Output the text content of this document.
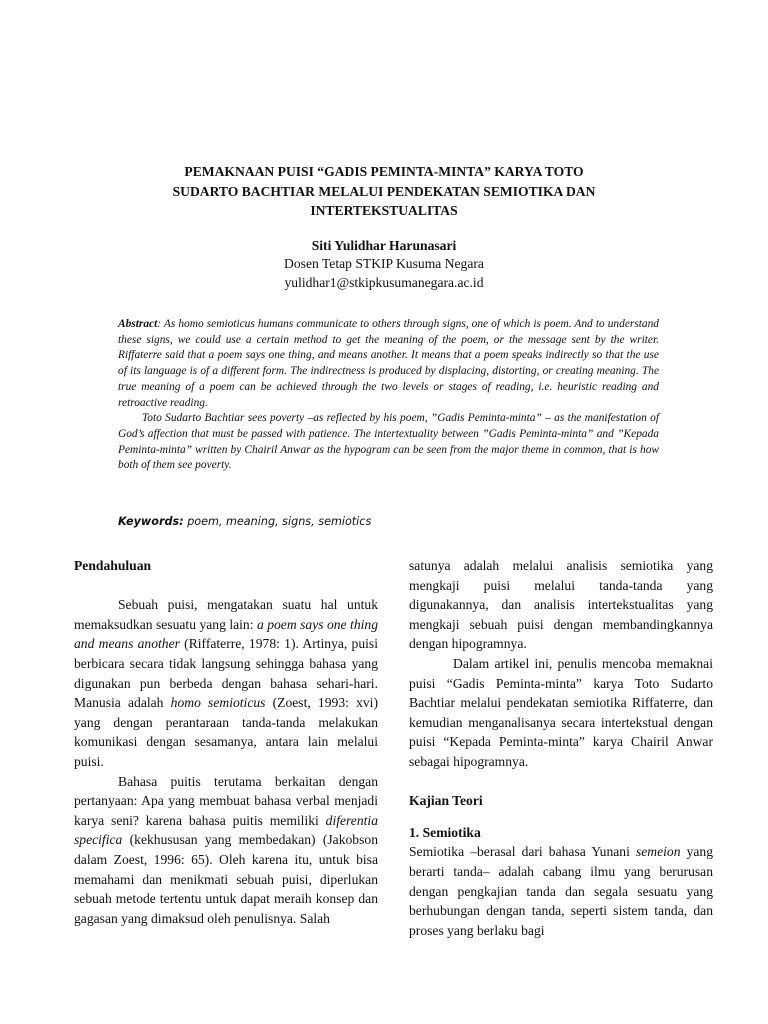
PEMAKNAAN PUISI “GADIS PEMINTA-MINTA” KARYA TOTO
SUDARTO BACHTIAR MELALUI PENDEKATAN SEMIOTIKA DAN
INTERTEKSTUALITAS
Siti Yulidhar Harunasari
Dosen Tetap STKIP Kusuma Negara
yulidhar1@stkipkusumanegara.ac.id

Abstract: As homo semioticus humans communicate to others through signs, one of which is poem. And to understand these signs, we could use a certain method to get the meaning of the poem, or the message sent by the writer. Riffaterre said that a poem says one thing, and means another. It means that a poem speaks indirectly so that the use of its language is of a different form. The indirectness is produced by displacing, distorting, or creating meaning. The true meaning of a poem can be achieved through the two levels or stages of reading, i.e. heuristic reading and retroactive reading.

Toto Sudarto Bachtiar sees poverty –as reflected by his poem, ”Gadis Peminta-minta” – as the manifestation of God’s affection that must be passed with patience. The intertextuality between ”Gadis Peminta-minta” and ”Kepada Peminta-minta” written by Chairil Anwar as the hypogram can be seen from the major theme in common, that is how both of them see poverty.

Keywords: poem, meaning, signs, semiotics

Pendahuluan

Sebuah puisi, mengatakan suatu hal untuk memaksudkan sesuatu yang lain: a poem says one thing and means another (Riffaterre, 1978: 1). Artinya, puisi berbicara secara tidak langsung sehingga bahasa yang digunakan pun berbeda dengan bahasa sehari-hari. Manusia adalah homo semioticus (Zoest, 1993: xvi) yang dengan perantaraan tanda-tanda melakukan komunikasi dengan sesamanya, antara lain melalui puisi.

Bahasa puitis terutama berkaitan dengan pertanyaan: Apa yang membuat bahasa verbal menjadi karya seni? karena bahasa puitis memiliki diferentia specifica (kekhususan yang membedakan) (Jakobson dalam Zoest, 1996: 65). Oleh karena itu, untuk bisa memahami dan menikmati sebuah puisi, diperlukan sebuah metode tertentu untuk dapat meraih konsep dan gagasan yang dimaksud oleh penulisnya. Salah

satunya adalah melalui analisis semiotika yang mengkaji puisi melalui tanda-tanda yang digunakannya, dan analisis intertekstualitas yang mengkaji sebuah puisi dengan membandingkannya dengan hipogramnya.

Dalam artikel ini, penulis mencoba memaknai puisi “Gadis Peminta-minta” karya Toto Sudarto Bachtiar melalui pendekatan semiotika Riffaterre, dan kemudian menganalisanya secara intertekstual dengan puisi “Kepada Peminta-minta” karya Chairil Anwar sebagai hipogramnya.

Kajian Teori

1. Semiotika

Semiotika –berasal dari bahasa Yunani semeion yang berarti tanda– adalah cabang ilmu yang berurusan dengan pengkajian tanda dan segala sesuatu yang berhubungan dengan tanda, seperti sistem tanda, dan proses yang berlaku bagi
